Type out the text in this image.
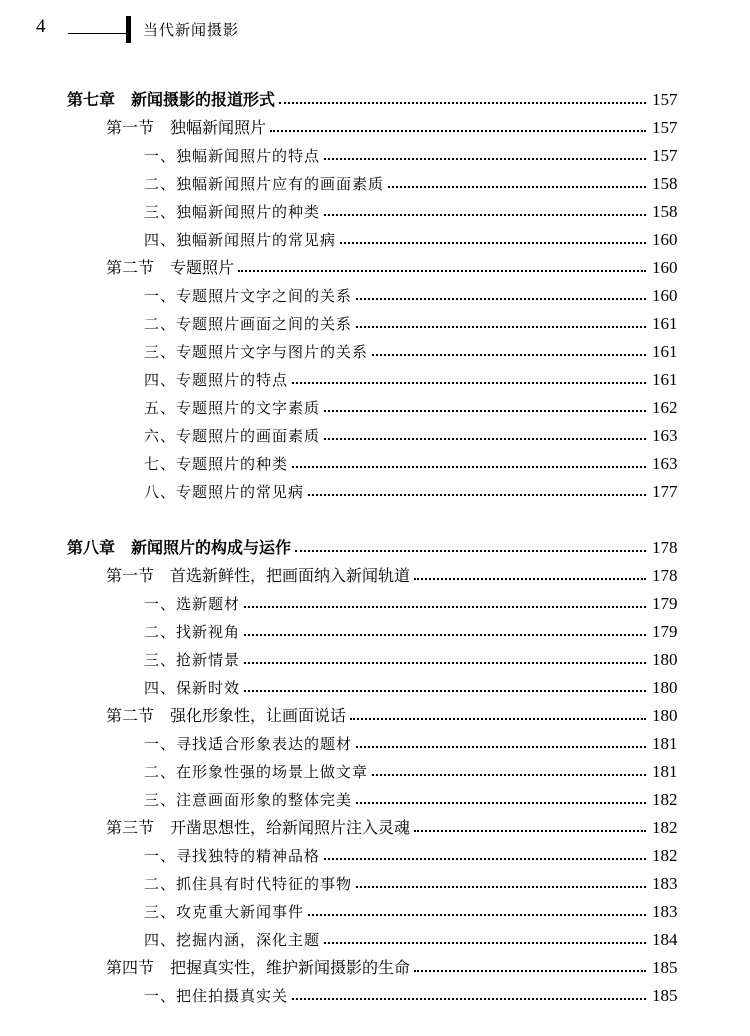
4	当代新闻摄影
第七章　新闻摄影的报道形式	157
第一节　独幅新闻照片	157
一、独幅新闻照片的特点	157
二、独幅新闻照片应有的画面素质	158
三、独幅新闻照片的种类	158
四、独幅新闻照片的常见病	160
第二节　专题照片	160
一、专题照片文字之间的关系	160
二、专题照片画面之间的关系	161
三、专题照片文字与图片的关系	161
四、专题照片的特点	161
五、专题照片的文字素质	162
六、专题照片的画面素质	163
七、专题照片的种类	163
八、专题照片的常见病	177
第八章　新闻照片的构成与运作	178
第一节　首选新鲜性，把画面纳入新闻轨道	178
一、选新题材	179
二、找新视角	179
三、抢新情景	180
四、保新时效	180
第二节　强化形象性，让画面说话	180
一、寻找适合形象表达的题材	181
二、在形象性强的场景上做文章	181
三、注意画面形象的整体完美	182
第三节　开凿思想性，给新闻照片注入灵魂	182
一、寻找独特的精神品格	182
二、抓住具有时代特征的事物	183
三、攻克重大新闻事件	183
四、挖掘内涵，深化主题	184
第四节　把握真实性，维护新闻摄影的生命	185
一、把住拍摄真实关	185
